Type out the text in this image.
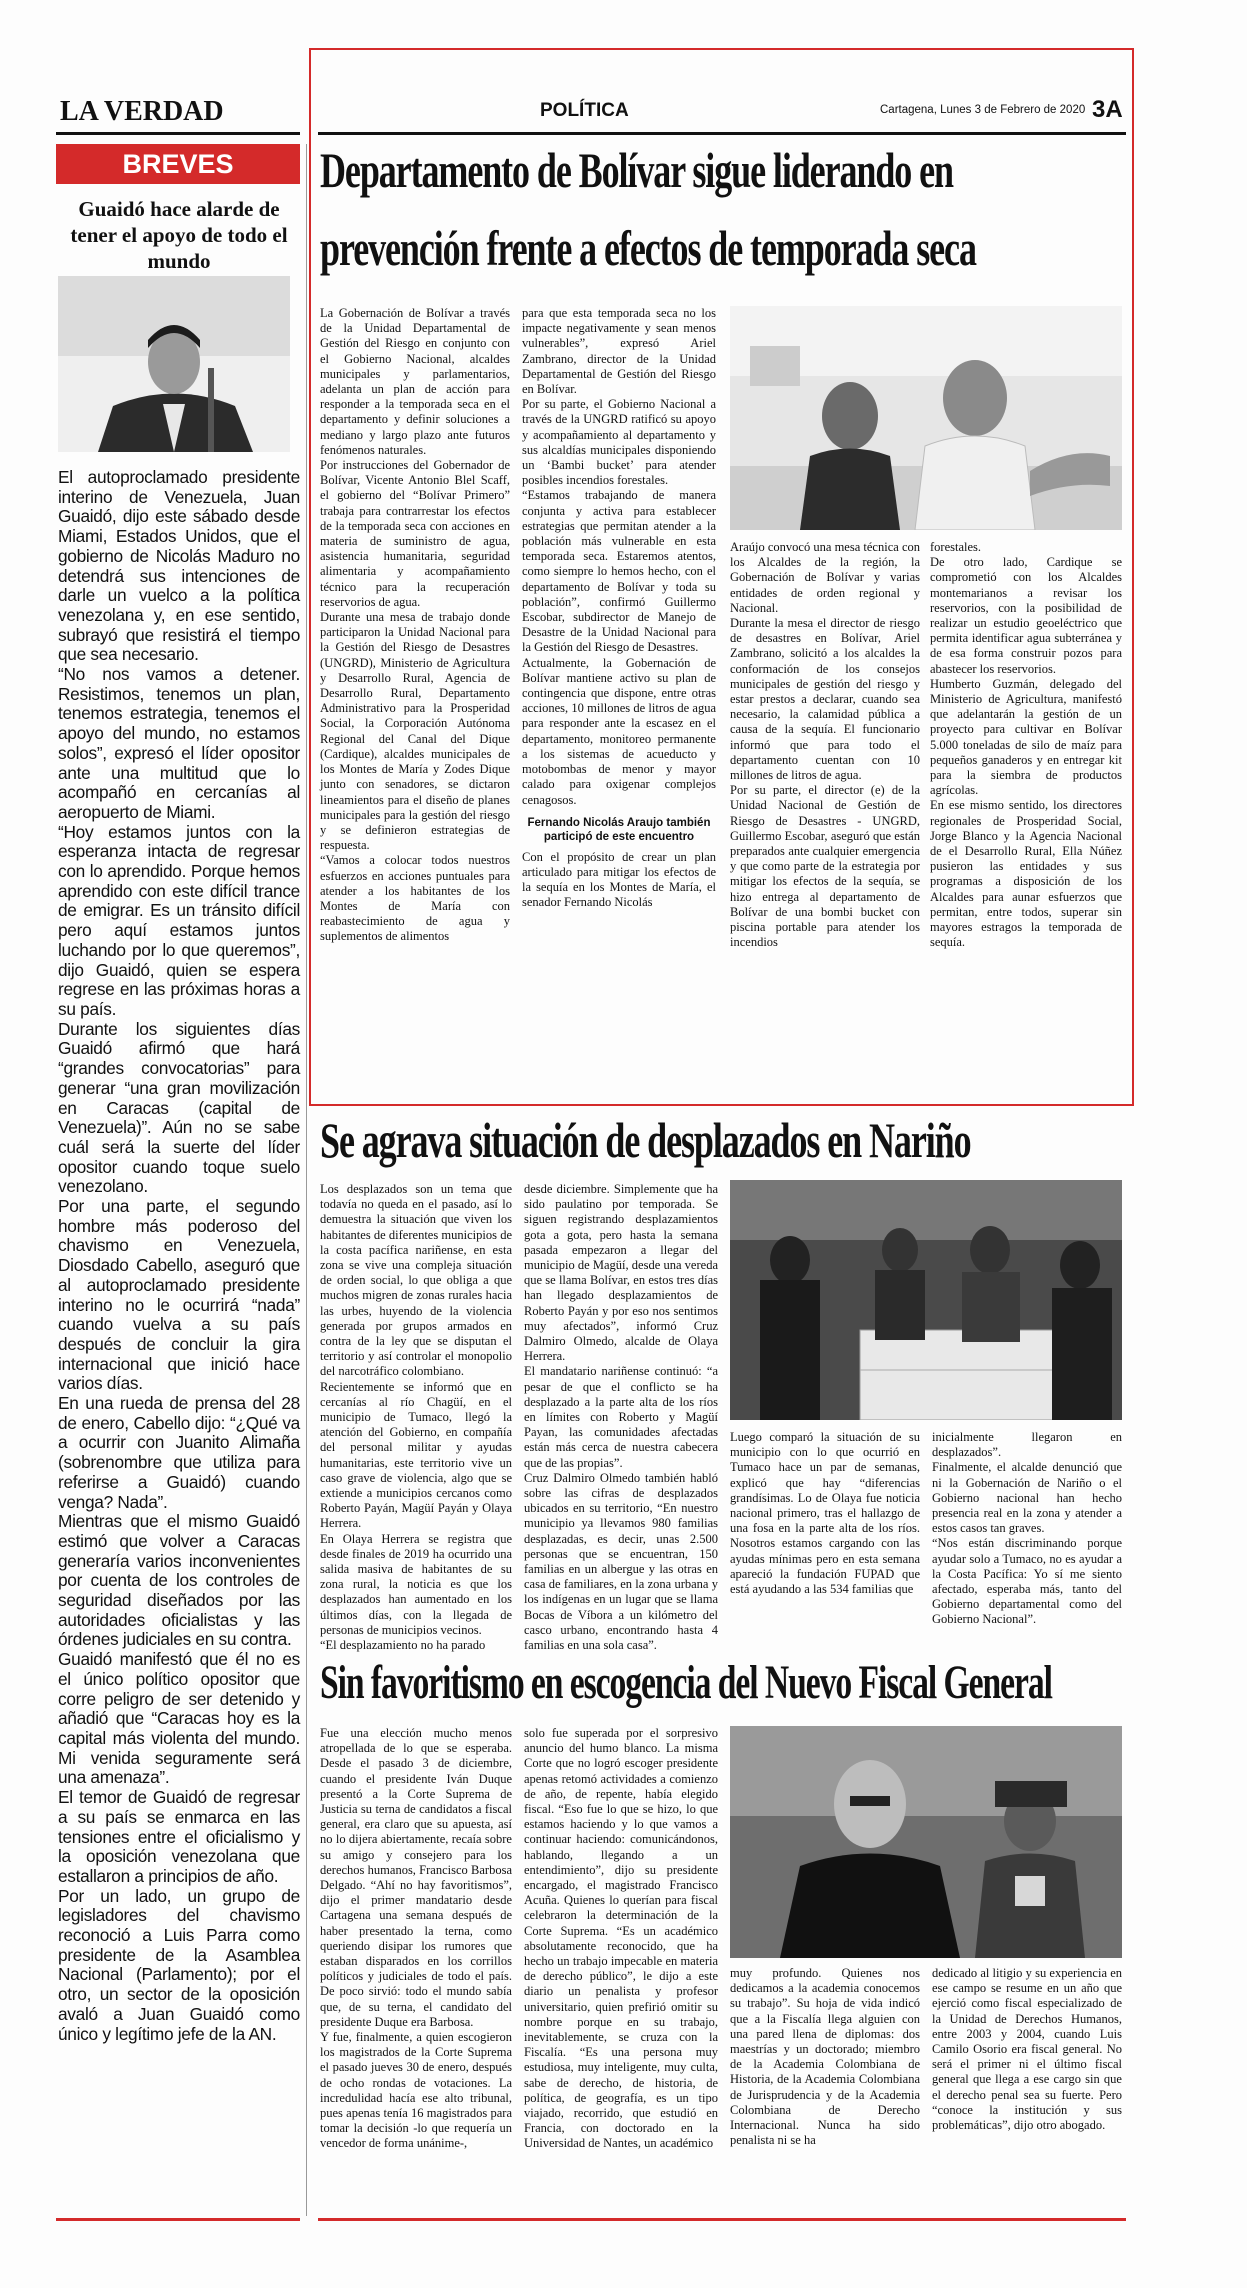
LA VERDAD	POLÍTICA	Cartagena, Lunes 3 de Febrero de 2020 3A
BREVES
Guaidó hace alarde de tener el apoyo de todo el mundo

El autoproclamado presidente interino de Venezuela, Juan Guaidó, dijo este sábado desde Miami, Estados Unidos, que el gobierno de Nicolás Maduro no detendrá sus intenciones de darle un vuelco a la política venezolana y, en ese sentido, subrayó que resistirá el tiempo que sea necesario.

“No nos vamos a detener. Resistimos, tenemos un plan, tenemos estrategia, tenemos el apoyo del mundo, no estamos solos”, expresó el líder opositor ante una multitud que lo acompañó en cercanías al aeropuerto de Miami.

“Hoy estamos juntos con la esperanza intacta de regresar con lo aprendido. Porque hemos aprendido con este difícil trance de emigrar. Es un tránsito difícil pero aquí estamos juntos luchando por lo que queremos”, dijo Guaidó, quien se espera regrese en las próximas horas a su país.

Durante los siguientes días Guaidó afirmó que hará “grandes convocatorias” para generar “una gran movilización en Caracas (capital de Venezuela)”. Aún no se sabe cuál será la suerte del líder opositor cuando toque suelo venezolano.

Por una parte, el segundo hombre más poderoso del chavismo en Venezuela, Diosdado Cabello, aseguró que al autoproclamado presidente interino no le ocurrirá “nada” cuando vuelva a su país después de concluir la gira internacional que inició hace varios días.

En una rueda de prensa del 28 de enero, Cabello dijo: “¿Qué va a ocurrir con Juanito Alimaña (sobrenombre que utiliza para referirse a Guaidó) cuando venga? Nada”.

Mientras que el mismo Guaidó estimó que volver a Caracas generaría varios inconvenientes por cuenta de los controles de seguridad diseñados por las autoridades oficialistas y las órdenes judiciales en su contra.

Guaidó manifestó que él no es el único político opositor que corre peligro de ser detenido y añadió que “Caracas hoy es la capital más violenta del mundo. Mi venida seguramente será una amenaza”.

El temor de Guaidó de regresar a su país se enmarca en las tensiones entre el oficialismo y la oposición venezolana que estallaron a principios de año.

Por un lado, un grupo de legisladores del chavismo reconoció a Luis Parra como presidente de la Asamblea Nacional (Parlamento); por el otro, un sector de la oposición avaló a Juan Guaidó como único y legítimo jefe de la AN.

Departamento de Bolívar sigue liderando en
prevención frente a efectos de temporada seca

La Gobernación de Bolívar a través de la Unidad Departamental de Gestión del Riesgo en conjunto con el Gobierno Nacional, alcaldes municipales y parlamentarios, adelanta un plan de acción para responder a la temporada seca en el departamento y definir soluciones a mediano y largo plazo ante futuros fenómenos naturales.

Por instrucciones del Gobernador de Bolívar, Vicente Antonio Blel Scaff, el gobierno del “Bolívar Primero” trabaja para contrarrestar los efectos de la temporada seca con acciones en materia de suministro de agua, asistencia humanitaria, seguridad alimentaria y acompañamiento técnico para la recuperación reservorios de agua.

Durante una mesa de trabajo donde participaron la Unidad Nacional para la Gestión del Riesgo de Desastres (UNGRD), Ministerio de Agricultura y Desarrollo Rural, Agencia de Desarrollo Rural, Departamento Administrativo para la Prosperidad Social, la Corporación Autónoma Regional del Canal del Dique (Cardique), alcaldes municipales de los Montes de María y Zodes Dique junto con senadores, se dictaron lineamientos para el diseño de planes municipales para la gestión del riesgo y se definieron estrategias de respuesta.

“Vamos a colocar todos nuestros esfuerzos en acciones puntuales para atender a los habitantes de los Montes de María con reabastecimiento de agua y suplementos de alimentos

para que esta temporada seca no los impacte negativamente y sean menos vulnerables”, expresó Ariel Zambrano, director de la Unidad Departamental de Gestión del Riesgo en Bolívar.

Por su parte, el Gobierno Nacional a través de la UNGRD ratificó su apoyo y acompañamiento al departamento y sus alcaldías municipales disponiendo un ‘Bambi bucket’ para atender posibles incendios forestales.

“Estamos trabajando de manera conjunta y activa para establecer estrategias que permitan atender a la población más vulnerable en esta temporada seca. Estaremos atentos, como siempre lo hemos hecho, con el departamento de Bolívar y toda su población”, confirmó Guillermo Escobar, subdirector de Manejo de Desastre de la Unidad Nacional para la Gestión del Riesgo de Desastres.

Actualmente, la Gobernación de Bolívar mantiene activo su plan de contingencia que dispone, entre otras acciones, 10 millones de litros de agua para responder ante la escasez en el departamento, monitoreo permanente a los sistemas de acueducto y motobombas de menor y mayor calado para oxigenar complejos cenagosos.

Fernando Nicolás Araujo también participó de este encuentro

Con el propósito de crear un plan articulado para mitigar los efectos de la sequía en los Montes de María, el senador Fernando Nicolás

Araújo convocó una mesa técnica con los Alcaldes de la región, la Gobernación de Bolívar y varias entidades de orden regional y Nacional.

Durante la mesa el director de riesgo de desastres en Bolívar, Ariel Zambrano, solicitó a los alcaldes la conformación de los consejos municipales de gestión del riesgo y estar prestos a declarar, cuando sea necesario, la calamidad pública a causa de la sequía. El funcionario informó que para todo el departamento cuentan con 10 millones de litros de agua.

Por su parte, el director (e) de la Unidad Nacional de Gestión de Riesgo de Desastres - UNGRD, Guillermo Escobar, aseguró que están preparados ante cualquier emergencia y que como parte de la estrategia por mitigar los efectos de la sequía, se hizo entrega al departamento de Bolívar de una bombi bucket con piscina portable para atender los incendios

forestales.

De otro lado, Cardique se comprometió con los Alcaldes montemarianos a revisar los reservorios, con la posibilidad de realizar un estudio geoeléctrico que permita identificar agua subterránea y de esa forma construir pozos para abastecer los reservorios.

Humberto Guzmán, delegado del Ministerio de Agricultura, manifestó que adelantarán la gestión de un proyecto para cultivar en Bolívar 5.000 toneladas de silo de maíz para pequeños ganaderos y en entregar kit para la siembra de productos agrícolas.

En ese mismo sentido, los directores regionales de Prosperidad Social, Jorge Blanco y la Agencia Nacional de el Desarrollo Rural, Ella Núñez pusieron las entidades y sus programas a disposición de los Alcaldes para aunar esfuerzos que permitan, entre todos, superar sin mayores estragos la temporada de sequía.

Se agrava situación de desplazados en Nariño

Los desplazados son un tema que todavía no queda en el pasado, así lo demuestra la situación que viven los habitantes de diferentes municipios de la costa pacífica nariñense, en esta zona se vive una compleja situación de orden social, lo que obliga a que muchos migren de zonas rurales hacia las urbes, huyendo de la violencia generada por grupos armados en contra de la ley que se disputan el territorio y así controlar el monopolio del narcotráfico colombiano.

Recientemente se informó que en cercanías al río Chagüí, en el municipio de Tumaco, llegó la atención del Gobierno, en compañía del personal militar y ayudas humanitarias, este territorio vive un caso grave de violencia, algo que se extiende a municipios cercanos como Roberto Payán, Magüí Payán y Olaya Herrera.

En Olaya Herrera se registra que desde finales de 2019 ha ocurrido una salida masiva de habitantes de su zona rural, la noticia es que los desplazados han aumentado en los últimos días, con la llegada de personas de municipios vecinos.

“El desplazamiento no ha parado

desde diciembre. Simplemente que ha sido paulatino por temporada. Se siguen registrando desplazamientos gota a gota, pero hasta la semana pasada empezaron a llegar del municipio de Magüí, desde una vereda que se llama Bolívar, en estos tres días han llegado desplazamientos de Roberto Payán y por eso nos sentimos muy afectados”, informó Cruz Dalmiro Olmedo, alcalde de Olaya Herrera.

El mandatario nariñense continuó: “a pesar de que el conflicto se ha desplazado a la parte alta de los ríos en límites con Roberto y Magüí Payan, las comunidades afectadas están más cerca de nuestra cabecera que de las propias”.

Cruz Dalmiro Olmedo también habló sobre las cifras de desplazados ubicados en su territorio, “En nuestro municipio ya llevamos 980 familias desplazadas, es decir, unas 2.500 personas que se encuentran, 150 familias en un albergue y las otras en casa de familiares, en la zona urbana y los indígenas en un lugar que se llama Bocas de Víbora a un kilómetro del casco urbano, encontrando hasta 4 familias en una sola casa”.

Luego comparó la situación de su municipio con lo que ocurrió en Tumaco hace un par de semanas, explicó que hay “diferencias grandísimas. Lo de Olaya fue noticia nacional primero, tras el hallazgo de una fosa en la parte alta de los ríos. Nosotros estamos cargando con las ayudas mínimas pero en esta semana apareció la fundación FUPAD que está ayudando a las 534 familias que

inicialmente llegaron en desplazados”.

Finalmente, el alcalde denunció que ni la Gobernación de Nariño o el Gobierno nacional han hecho presencia real en la zona y atender a estos casos tan graves.

“Nos están discriminando porque ayudar solo a Tumaco, no es ayudar a la Costa Pacífica: Yo sí me siento afectado, esperaba más, tanto del Gobierno departamental como del Gobierno Nacional”.

Sin favoritismo en escogencia del Nuevo Fiscal General

Fue una elección mucho menos atropellada de lo que se esperaba. Desde el pasado 3 de diciembre, cuando el presidente Iván Duque presentó a la Corte Suprema de Justicia su terna de candidatos a fiscal general, era claro que su apuesta, así no lo dijera abiertamente, recaía sobre su amigo y consejero para los derechos humanos, Francisco Barbosa Delgado. “Ahí no hay favoritismos”, dijo el primer mandatario desde Cartagena una semana después de haber presentado la terna, como queriendo disipar los rumores que estaban disparados en los corrillos políticos y judiciales de todo el país. De poco sirvió: todo el mundo sabía que, de su terna, el candidato del presidente Duque era Barbosa.

Y fue, finalmente, a quien escogieron los magistrados de la Corte Suprema el pasado jueves 30 de enero, después de ocho rondas de votaciones. La incredulidad hacía ese alto tribunal, pues apenas tenía 16 magistrados para tomar la decisión -lo que requería un vencedor de forma unánime-,

solo fue superada por el sorpresivo anuncio del humo blanco. La misma Corte que no logró escoger presidente apenas retomó actividades a comienzo de año, de repente, había elegido fiscal. “Eso fue lo que se hizo, lo que estamos haciendo y lo que vamos a continuar haciendo: comunicándonos, hablando, llegando a un entendimiento”, dijo su presidente encargado, el magistrado Francisco Acuña. Quienes lo querían para fiscal celebraron la determinación de la Corte Suprema. “Es un académico absolutamente reconocido, que ha hecho un trabajo impecable en materia de derecho público”, le dijo a este diario un penalista y profesor universitario, quien prefirió omitir su nombre porque en su trabajo, inevitablemente, se cruza con la Fiscalía. “Es una persona muy estudiosa, muy inteligente, muy culta, sabe de derecho, de historia, de política, de geografía, es un tipo viajado, recorrido, que estudió en Francia, con doctorado en la Universidad de Nantes, un académico

muy profundo. Quienes nos dedicamos a la academia conocemos su trabajo”. Su hoja de vida indicó que a la Fiscalía llega alguien con una pared llena de diplomas: dos maestrías y un doctorado; miembro de la Academia Colombiana de Historia, de la Academia Colombiana de Jurisprudencia y de la Academia Colombiana de Derecho Internacional. Nunca ha sido penalista ni se ha

dedicado al litigio y su experiencia en ese campo se resume en un año que ejerció como fiscal especializado de la Unidad de Derechos Humanos, entre 2003 y 2004, cuando Luis Camilo Osorio era fiscal general. No será el primer ni el último fiscal general que llega a ese cargo sin que el derecho penal sea su fuerte. Pero “conoce la institución y sus problemáticas”, dijo otro abogado.
